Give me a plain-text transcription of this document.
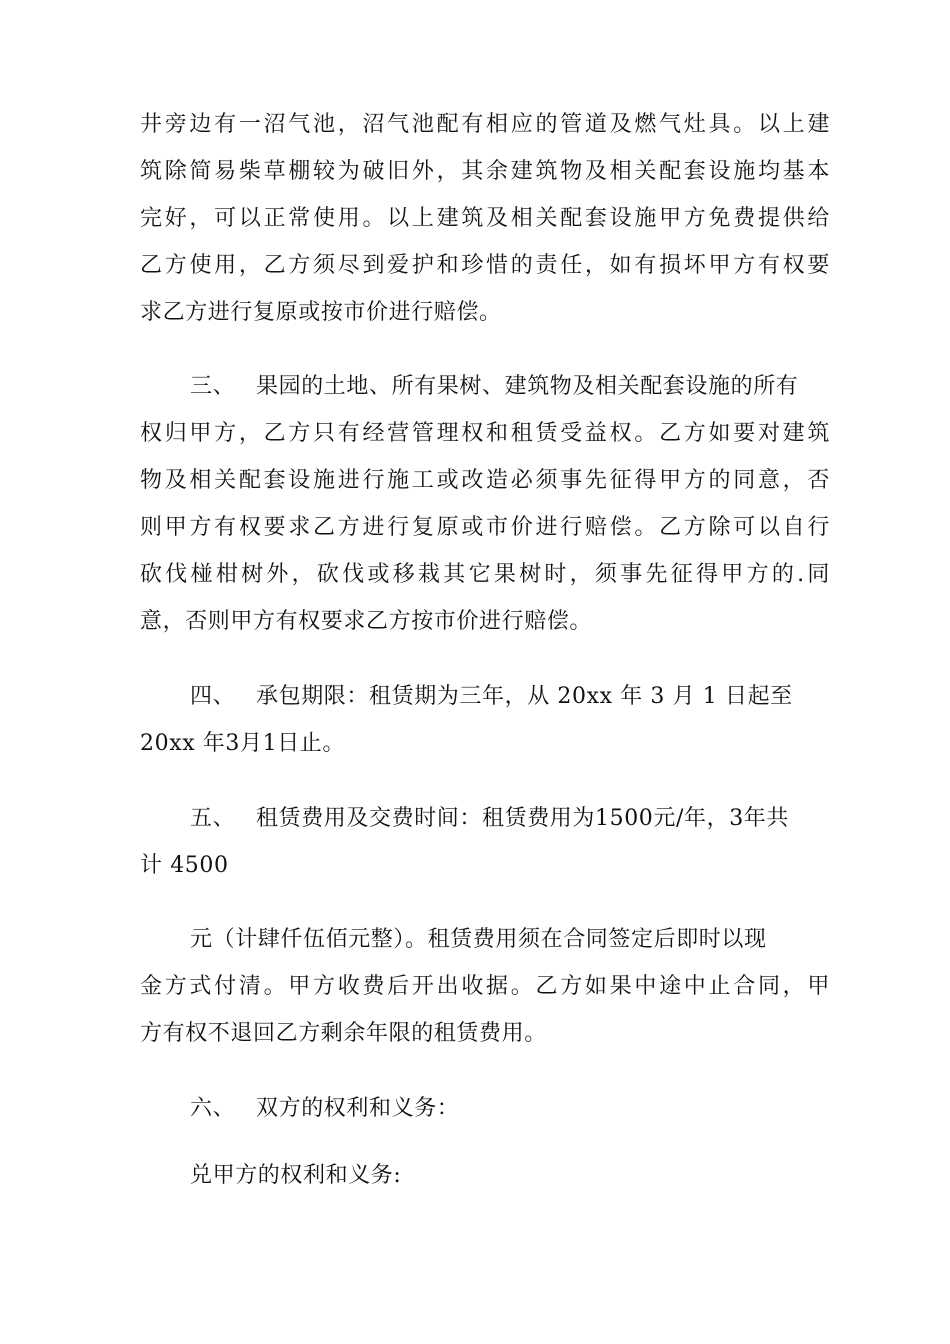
井旁边有一沼气池，沼气池配有相应的管道及燃气灶具。以上建
筑除简易柴草棚较为破旧外，其余建筑物及相关配套设施均基本
完好，可以正常使用。以上建筑及相关配套设施甲方免费提供给
乙方使用，乙方须尽到爱护和珍惜的责任，如有损坏甲方有权要
求乙方进行复原或按市价进行赔偿。
三、 果园的土地、所有果树、建筑物及相关配套设施的所有
权归甲方，乙方只有经营管理权和租赁受益权。乙方如要对建筑
物及相关配套设施进行施工或改造必须事先征得甲方的同意，否
则甲方有权要求乙方进行复原或市价进行赔偿。乙方除可以自行
砍伐椪柑树外，砍伐或移栽其它果树时，须事先征得甲方的.同
意，否则甲方有权要求乙方按市价进行赔偿。
四、 承包期限：租赁期为三年，从 20xx 年 3 月 1 日起至
20xx 年3月1日止。
五、 租赁费用及交费时间：租赁费用为1500元/年，3年共
计 4500
元（计肆仟伍佰元整）。租赁费用须在合同签定后即时以现
金方式付清。甲方收费后开出收据。乙方如果中途中止合同，甲
方有权不退回乙方剩余年限的租赁费用。
六、 双方的权利和义务：
兑甲方的权利和义务:
